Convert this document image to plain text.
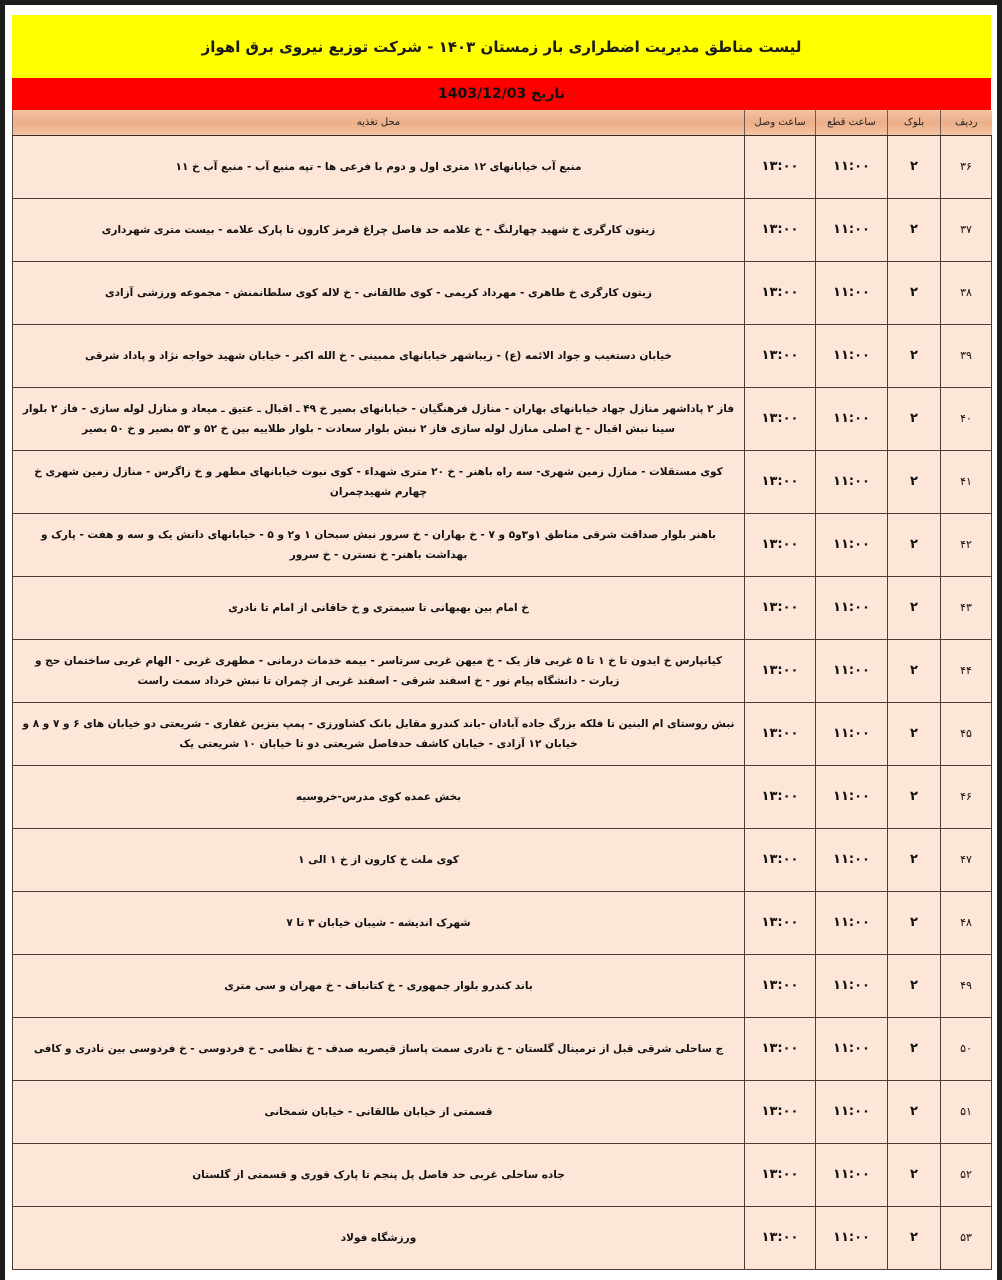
لیست مناطق مدیریت اضطراری بار زمستان ۱۴۰۳ - شرکت توزیع نیروی برق اهواز
تاریخ 1403/12/03
ردیف	بلوک	ساعت قطع	ساعت وصل	محل تغذیه
۳۶	۲	۱۱:۰۰	۱۳:۰۰	منبع آب خیابانهای ۱۲ متری اول و دوم با فرعی ها - تپه منبع آب - منبع آب خ ۱۱
۳۷	۲	۱۱:۰۰	۱۳:۰۰	زیتون کارگری خ شهید چهارلنگ - خ علامه حد فاصل چراغ قرمز کارون تا پارک علامه - بیست متری شهرداری
۳۸	۲	۱۱:۰۰	۱۳:۰۰	زیتون کارگری خ طاهری - مهرداد کریمی - کوی طالقانی - خ لاله کوی سلطانمنش - مجموعه ورزشی آزادی
۳۹	۲	۱۱:۰۰	۱۳:۰۰	خیابان دستغیب و جواد الائمه (ع) - زیباشهر خیابانهای ممبینی - خ الله اکبر - خیابان شهید خواجه نژاد و پاداد شرقی
۴۰	۲	۱۱:۰۰	۱۳:۰۰	فاز ۲ پاداشهر منازل جهاد خیابانهای بهاران - منازل فرهنگیان - خیابانهای بصیر خ ۴۹ ـ اقبال ـ عتیق ـ میعاد و منازل لوله سازی - فاز ۲ بلوار سینا نبش اقبال - خ اصلی منازل لوله سازی فاز ۲ نبش بلوار سعادت - بلوار طلاییه بین خ ۵۲ و ۵۳ بصیر و خ ۵۰ بصیر
۴۱	۲	۱۱:۰۰	۱۳:۰۰	کوی مستقلات - منازل زمین شهری- سه راه باهنر - خ ۲۰ متری شهداء - کوی نبوت خیابانهای مطهر و خ زاگرس - منازل زمین شهری خ چهارم شهیدچمران
۴۲	۲	۱۱:۰۰	۱۳:۰۰	باهنر بلوار صداقت شرقی مناطق ۱و۳و۵ و ۷ - خ بهاران - خ سرور نبش سبحان ۱ و۲ و ۵ - خیابانهای دانش یک و سه و هفت - پارک و بهداشت باهنر- خ نسترن - خ سرور
۴۳	۲	۱۱:۰۰	۱۳:۰۰	خ امام بین بهبهانی تا سیمتری و خ خاقانی از امام تا نادری
۴۴	۲	۱۱:۰۰	۱۳:۰۰	کیانپارس خ ایدون تا خ ۱ تا ۵ غربی فاز یک - خ میهن غربی سرتاسر - بیمه خدمات درمانی - مطهری غربی - الهام غربی ساختمان حج و زیارت - دانشگاه پیام نور - خ اسفند شرقی - اسفند غربی از چمران تا نبش خرداد سمت راست
۴۵	۲	۱۱:۰۰	۱۳:۰۰	نبش روستای ام البنین تا فلکه بزرگ جاده آبادان -باند کندرو مقابل بانک کشاورزی - پمپ بنزین غفاری - شریعتی دو خیابان های ۶ و ۷ و ۸ و خیابان ۱۲ آزادی - خیابان کاشف حدفاصل شریعتی دو تا خیابان ۱۰ شریعتی یک
۴۶	۲	۱۱:۰۰	۱۳:۰۰	بخش عمده کوی مدرس-خروسیه
۴۷	۲	۱۱:۰۰	۱۳:۰۰	کوی ملت خ کارون از خ ۱ الی ۱
۴۸	۲	۱۱:۰۰	۱۳:۰۰	شهرک اندیشه - شیبان خیابان ۳ تا ۷
۴۹	۲	۱۱:۰۰	۱۳:۰۰	باند کندرو بلوار جمهوری - خ کتانباف - خ مهران و سی متری
۵۰	۲	۱۱:۰۰	۱۳:۰۰	ج ساحلی شرقی قبل از ترمینال گلستان - خ نادری سمت پاساژ قیصریه صدف - خ نظامی - خ فردوسی - خ فردوسی بین نادری و کافی
۵۱	۲	۱۱:۰۰	۱۳:۰۰	قسمتی از خیابان طالقانی - خیابان شمخانی
۵۲	۲	۱۱:۰۰	۱۳:۰۰	جاده ساحلی غربی حد فاصل پل پنجم تا پارک قوری و قسمتی از گلستان
۵۳	۲	۱۱:۰۰	۱۳:۰۰	ورزشگاه فولاد
